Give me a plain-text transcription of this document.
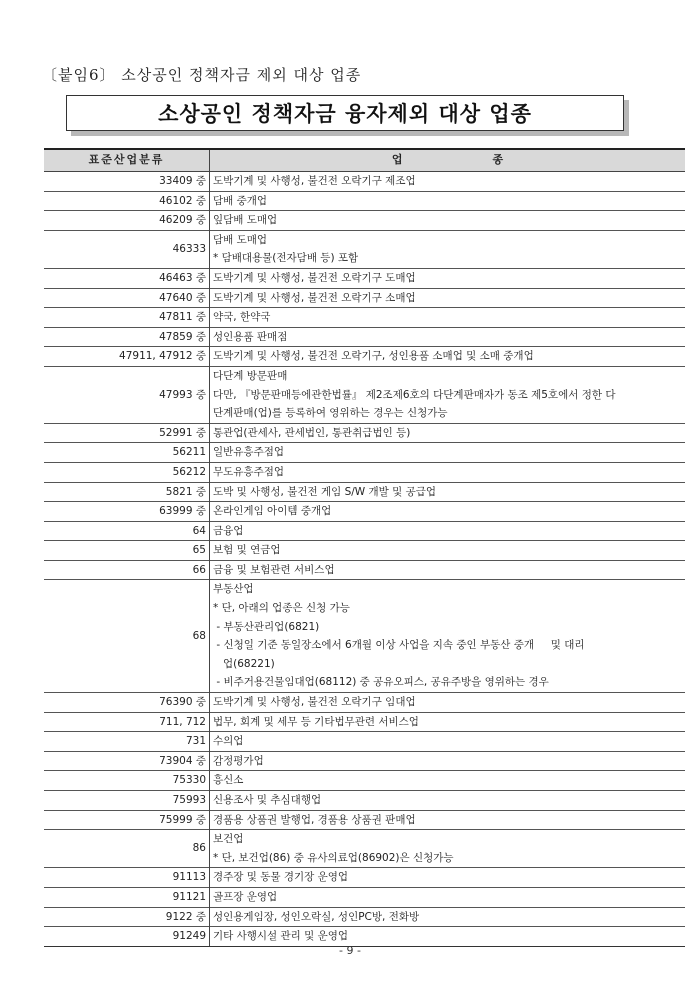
〔붙임6〕 소상공인 정책자금 제외 대상 업종
소상공인 정책자금 융자제외 대상 업종
표준산업분류	업 종
33409 중	도박기계 및 사행성, 불건전 오락기구 제조업

46102 중	담배 중개업

46209 중	잎담배 도매업

46333	담배 도매업
* 담배대용물(전자담배 등) 포함

46463 중	도박기계 및 사행성, 불건전 오락기구 도매업

47640 중	도박기계 및 사행성, 불건전 오락기구 소매업

47811 중	약국, 한약국

47859 중	성인용품 판매점

47911, 47912 중	도박기계 및 사행성, 불건전 오락기구, 성인용품 소매업 및 소매 중개업

47993 중	다단계 방문판매
다만, 『방문판매등에관한법률』 제2조제6호의 다단계판매자가 동조 제5호에서 정한 다
단계판매(업)를 등록하여 영위하는 경우는 신청가능

52991 중	통관업(관세사, 관세법인, 통관취급법인 등)

56211	일반유흥주점업

56212	무도유흥주점업

5821 중	도박 및 사행성, 불건전 게임 S/W 개발 및 공급업

63999 중	온라인게임 아이템 중개업

64	금융업

65	보험 및 연금업

66	금융 및 보험관련 서비스업

68	
부동산업
* 단, 아래의 업종은 신청 가능
- 부동산관리업(6821)
- 신청일 기준 동일장소에서 6개월 이상 사업을 지속 중인 부동산 중개     및 대리
업(68221)
- 비주거용건물임대업(68112) 중 공유오피스, 공유주방을 영위하는 경우

76390 중	도박기계 및 사행성, 불건전 오락기구 임대업

711, 712	법무, 회계 및 세무 등 기타법무관련 서비스업

731	수의업

73904 중	감정평가업

75330	흥신소

75993	신용조사 및 추심대행업

75999 중	경품용 상품권 발행업, 경품용 상품권 판매업

86	보건업
* 단, 보건업(86) 중 유사의료업(86902)은 신청가능

91113	경주장 및 동물 경기장 운영업

91121	골프장 운영업

9122 중	성인용게임장, 성인오락실, 성인PC방, 전화방

91249	기타 사행시설 관리 및 운영업
- 9 -
